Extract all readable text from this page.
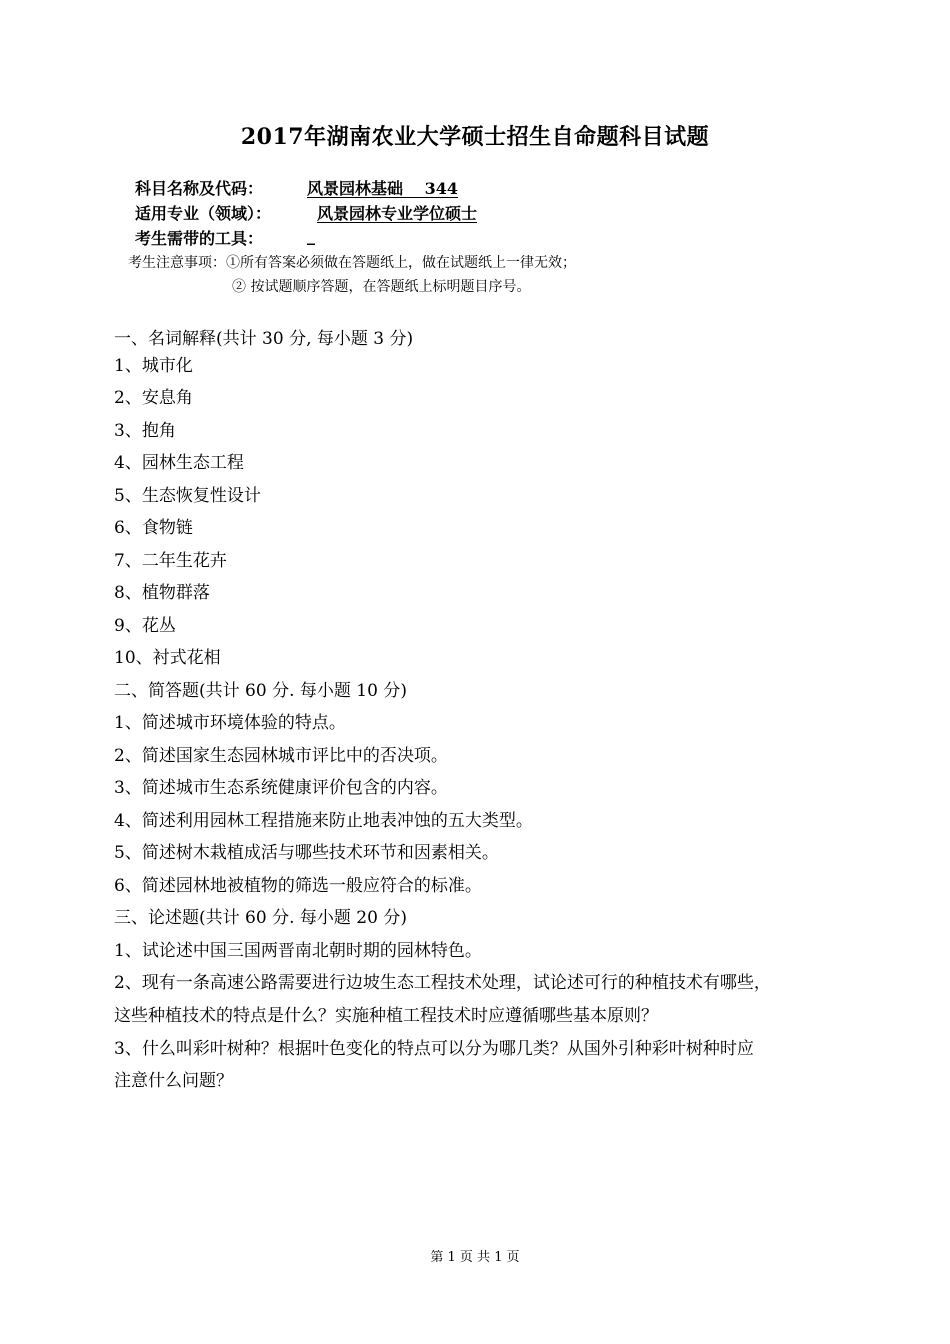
2017年湖南农业大学硕士招生自命题科目试题
科目名称及代码：	风景园林基础　 344
适用专业（领域）：	风景园林专业学位硕士
考生需带的工具：	_
考生注意事项：①所有答案必须做在答题纸上，做在试题纸上一律无效；
② 按试题顺序答题，在答题纸上标明题目序号。
一、名词解释(共计 30 分, 每小题 3 分)
1、城市化
2、安息角
3、抱角
4、园林生态工程
5、生态恢复性设计
6、食物链
7、二年生花卉
8、植物群落
9、花丛
10、衬式花相
二、简答题(共计 60 分. 每小题 10 分)
1、简述城市环境体验的特点。
2、简述国家生态园林城市评比中的否决项。
3、简述城市生态系统健康评价包含的内容。
4、简述利用园林工程措施来防止地表冲蚀的五大类型。
5、简述树木栽植成活与哪些技术环节和因素相关。
6、简述园林地被植物的筛选一般应符合的标准。
三、论述题(共计 60 分. 每小题 20 分)
1、试论述中国三国两晋南北朝时期的园林特色。
2、现有一条高速公路需要进行边坡生态工程技术处理，试论述可行的种植技术有哪些，
这些种植技术的特点是什么？实施种植工程技术时应遵循哪些基本原则？
3、什么叫彩叶树种？根据叶色变化的特点可以分为哪几类？从国外引种彩叶树种时应
注意什么问题？
第 1 页 共 1 页
